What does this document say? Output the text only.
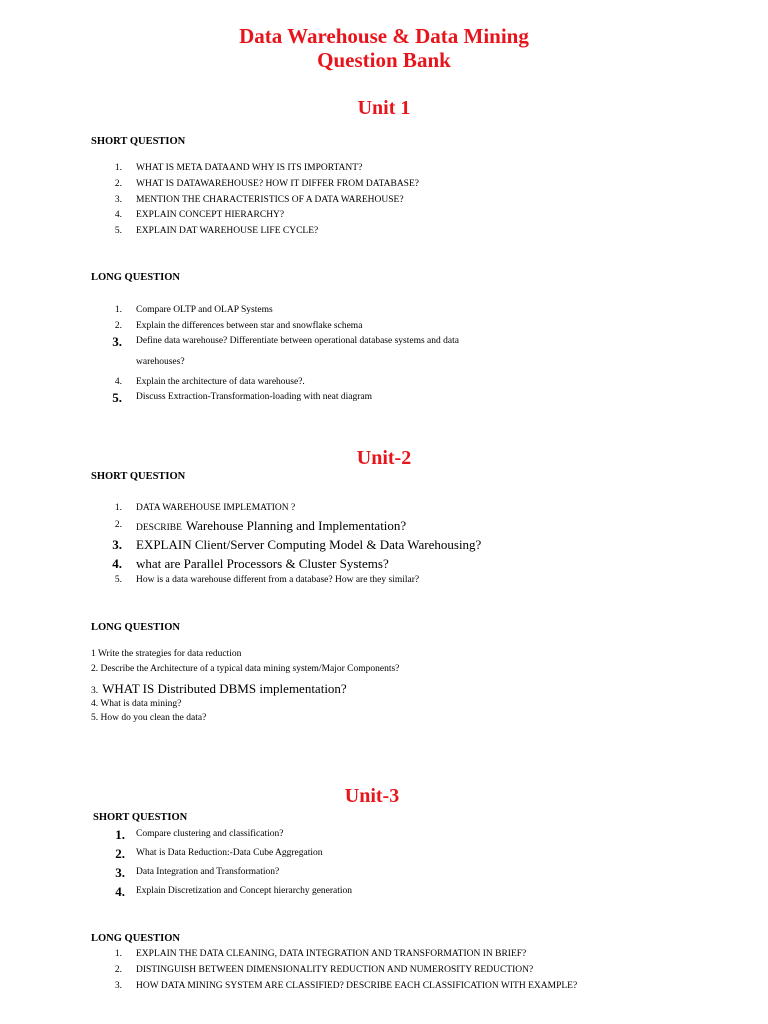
Data Warehouse & Data Mining
Question Bank
Unit 1
SHORT QUESTION
1. WHAT IS META DATAAND WHY IS ITS IMPORTANT?
2. WHAT IS DATAWAREHOUSE? HOW IT DIFFER FROM DATABASE?
3. MENTION THE CHARACTERISTICS OF A DATA WAREHOUSE?
4. EXPLAIN CONCEPT HIERARCHY?
5. EXPLAIN DAT WAREHOUSE LIFE CYCLE?
LONG QUESTION
1. Compare OLTP and OLAP Systems
2. Explain the differences between star and snowflake schema
3. Define data warehouse? Differentiate between operational database systems and data
warehouses?
4. Explain the architecture of data warehouse?.
5. Discuss Extraction-Transformation-loading with neat diagram
Unit-2
SHORT QUESTION
1. DATA WAREHOUSE IMPLEMATION ?
2. DESCRIBE Warehouse Planning and Implementation?
3. EXPLAIN Client/Server Computing Model & Data Warehousing?
4. what are Parallel Processors & Cluster Systems?
5. How is a data warehouse different from a database? How are they similar?
LONG QUESTION
1 Write the strategies for data reduction
2. Describe the Architecture of a typical data mining system/Major Components?
3. WHAT IS Distributed DBMS implementation?
4. What is data mining?
5. How do you clean the data?
Unit-3
SHORT QUESTION
1. Compare clustering and classification?
2. What is Data Reduction:-Data Cube Aggregation
3. Data Integration and Transformation?
4. Explain Discretization and Concept hierarchy generation
LONG QUESTION
1. EXPLAIN THE DATA CLEANING, DATA INTEGRATION AND TRANSFORMATION IN BRIEF?
2. DISTINGUISH BETWEEN DIMENSIONALITY REDUCTION AND NUMEROSITY REDUCTION?
3. HOW DATA MINING SYSTEM ARE CLASSIFIED? DESCRIBE EACH CLASSIFICATION WITH EXAMPLE?
